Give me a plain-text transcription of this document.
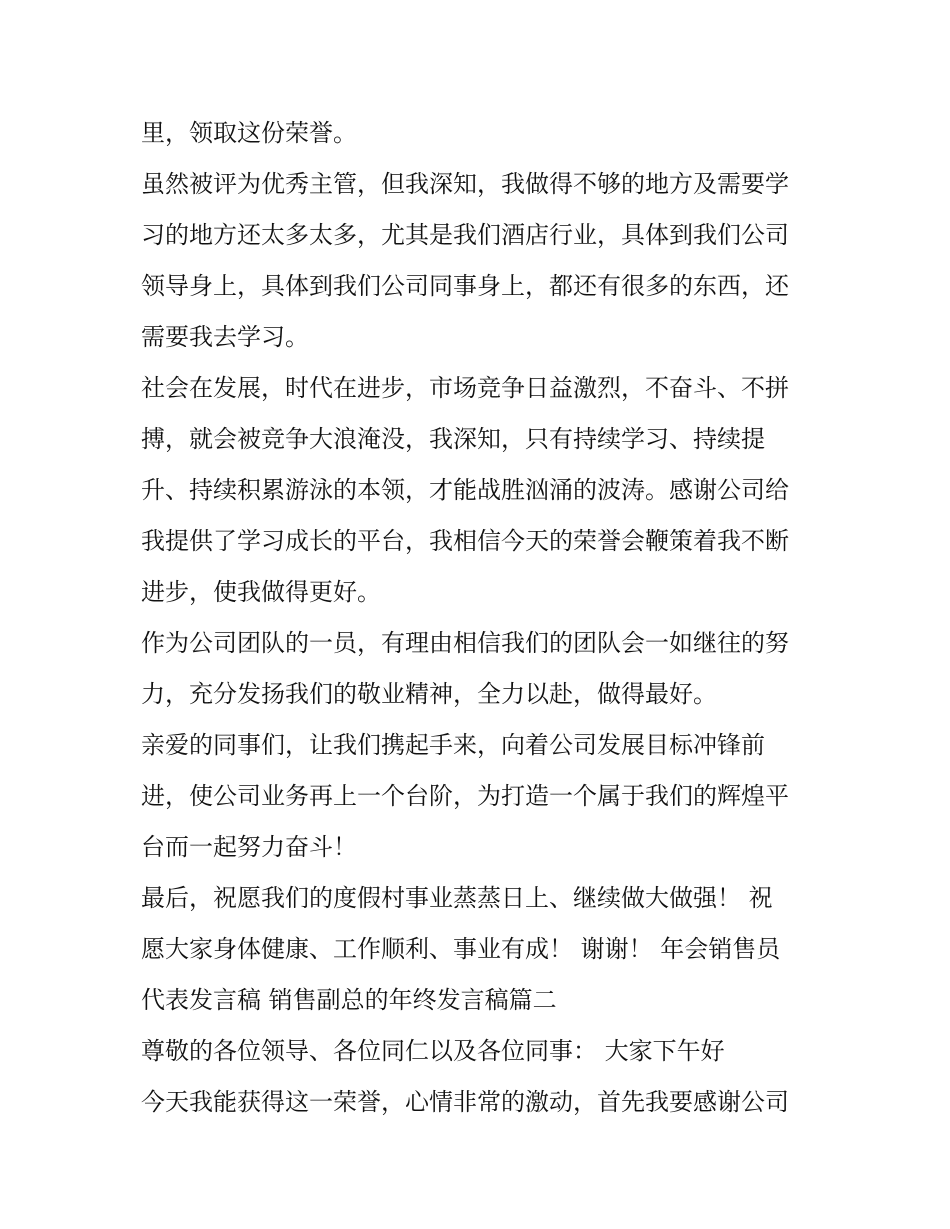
里，领取这份荣誉。
虽然被评为优秀主管，但我深知，我做得不够的地方及需要学
习的地方还太多太多，尤其是我们酒店行业，具体到我们公司
领导身上，具体到我们公司同事身上，都还有很多的东西，还
需要我去学习。
社会在发展，时代在进步，市场竞争日益激烈，不奋斗、不拼
搏，就会被竞争大浪淹没，我深知，只有持续学习、持续提
升、持续积累游泳的本领，才能战胜汹涌的波涛。感谢公司给
我提供了学习成长的平台，我相信今天的荣誉会鞭策着我不断
进步，使我做得更好。
作为公司团队的一员，有理由相信我们的团队会一如继往的努
力，充分发扬我们的敬业精神，全力以赴，做得最好。
亲爱的同事们，让我们携起手来，向着公司发展目标冲锋前
进，使公司业务再上一个台阶，为打造一个属于我们的辉煌平
台而一起努力奋斗！
最后，祝愿我们的度假村事业蒸蒸日上、继续做大做强！ 祝
愿大家身体健康、工作顺利、事业有成！ 谢谢！ 年会销售员
代表发言稿 销售副总的年终发言稿篇二
尊敬的各位领导、各位同仁以及各位同事： 大家下午好
今天我能获得这一荣誉，心情非常的激动，首先我要感谢公司
